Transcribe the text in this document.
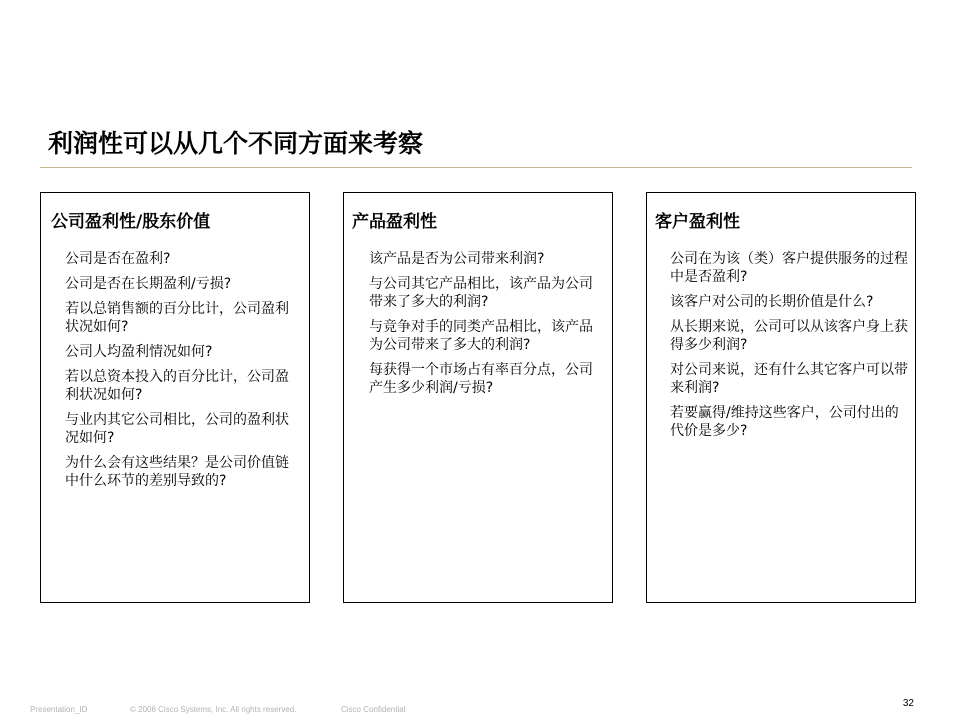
利润性可以从几个不同方面来考察
公司盈利性/股东价值
公司是否在盈利?
公司是否在长期盈利/亏损?
若以总销售额的百分比计，公司盈利状况如何?
公司人均盈利情况如何?
若以总资本投入的百分比计，公司盈利状况如何?
与业内其它公司相比，公司的盈利状况如何?
为什么会有这些结果？是公司价值链中什么环节的差别导致的?
产品盈利性
该产品是否为公司带来利润?
与公司其它产品相比，该产品为公司带来了多大的利润?
与竞争对手的同类产品相比，该产品为公司带来了多大的利润?
每获得一个市场占有率百分点，公司产生多少利润/亏损?
客户盈利性
公司在为该（类）客户提供服务的过程中是否盈利?
该客户对公司的长期价值是什么?
从长期来说，公司可以从该客户身上获得多少利润?
对公司来说，还有什么其它客户可以带来利润?
若要赢得/维持这些客户，公司付出的代价是多少?
Presentation_ID	© 2006 Cisco Systems, Inc. All rights reserved.	Cisco Confidential
32
